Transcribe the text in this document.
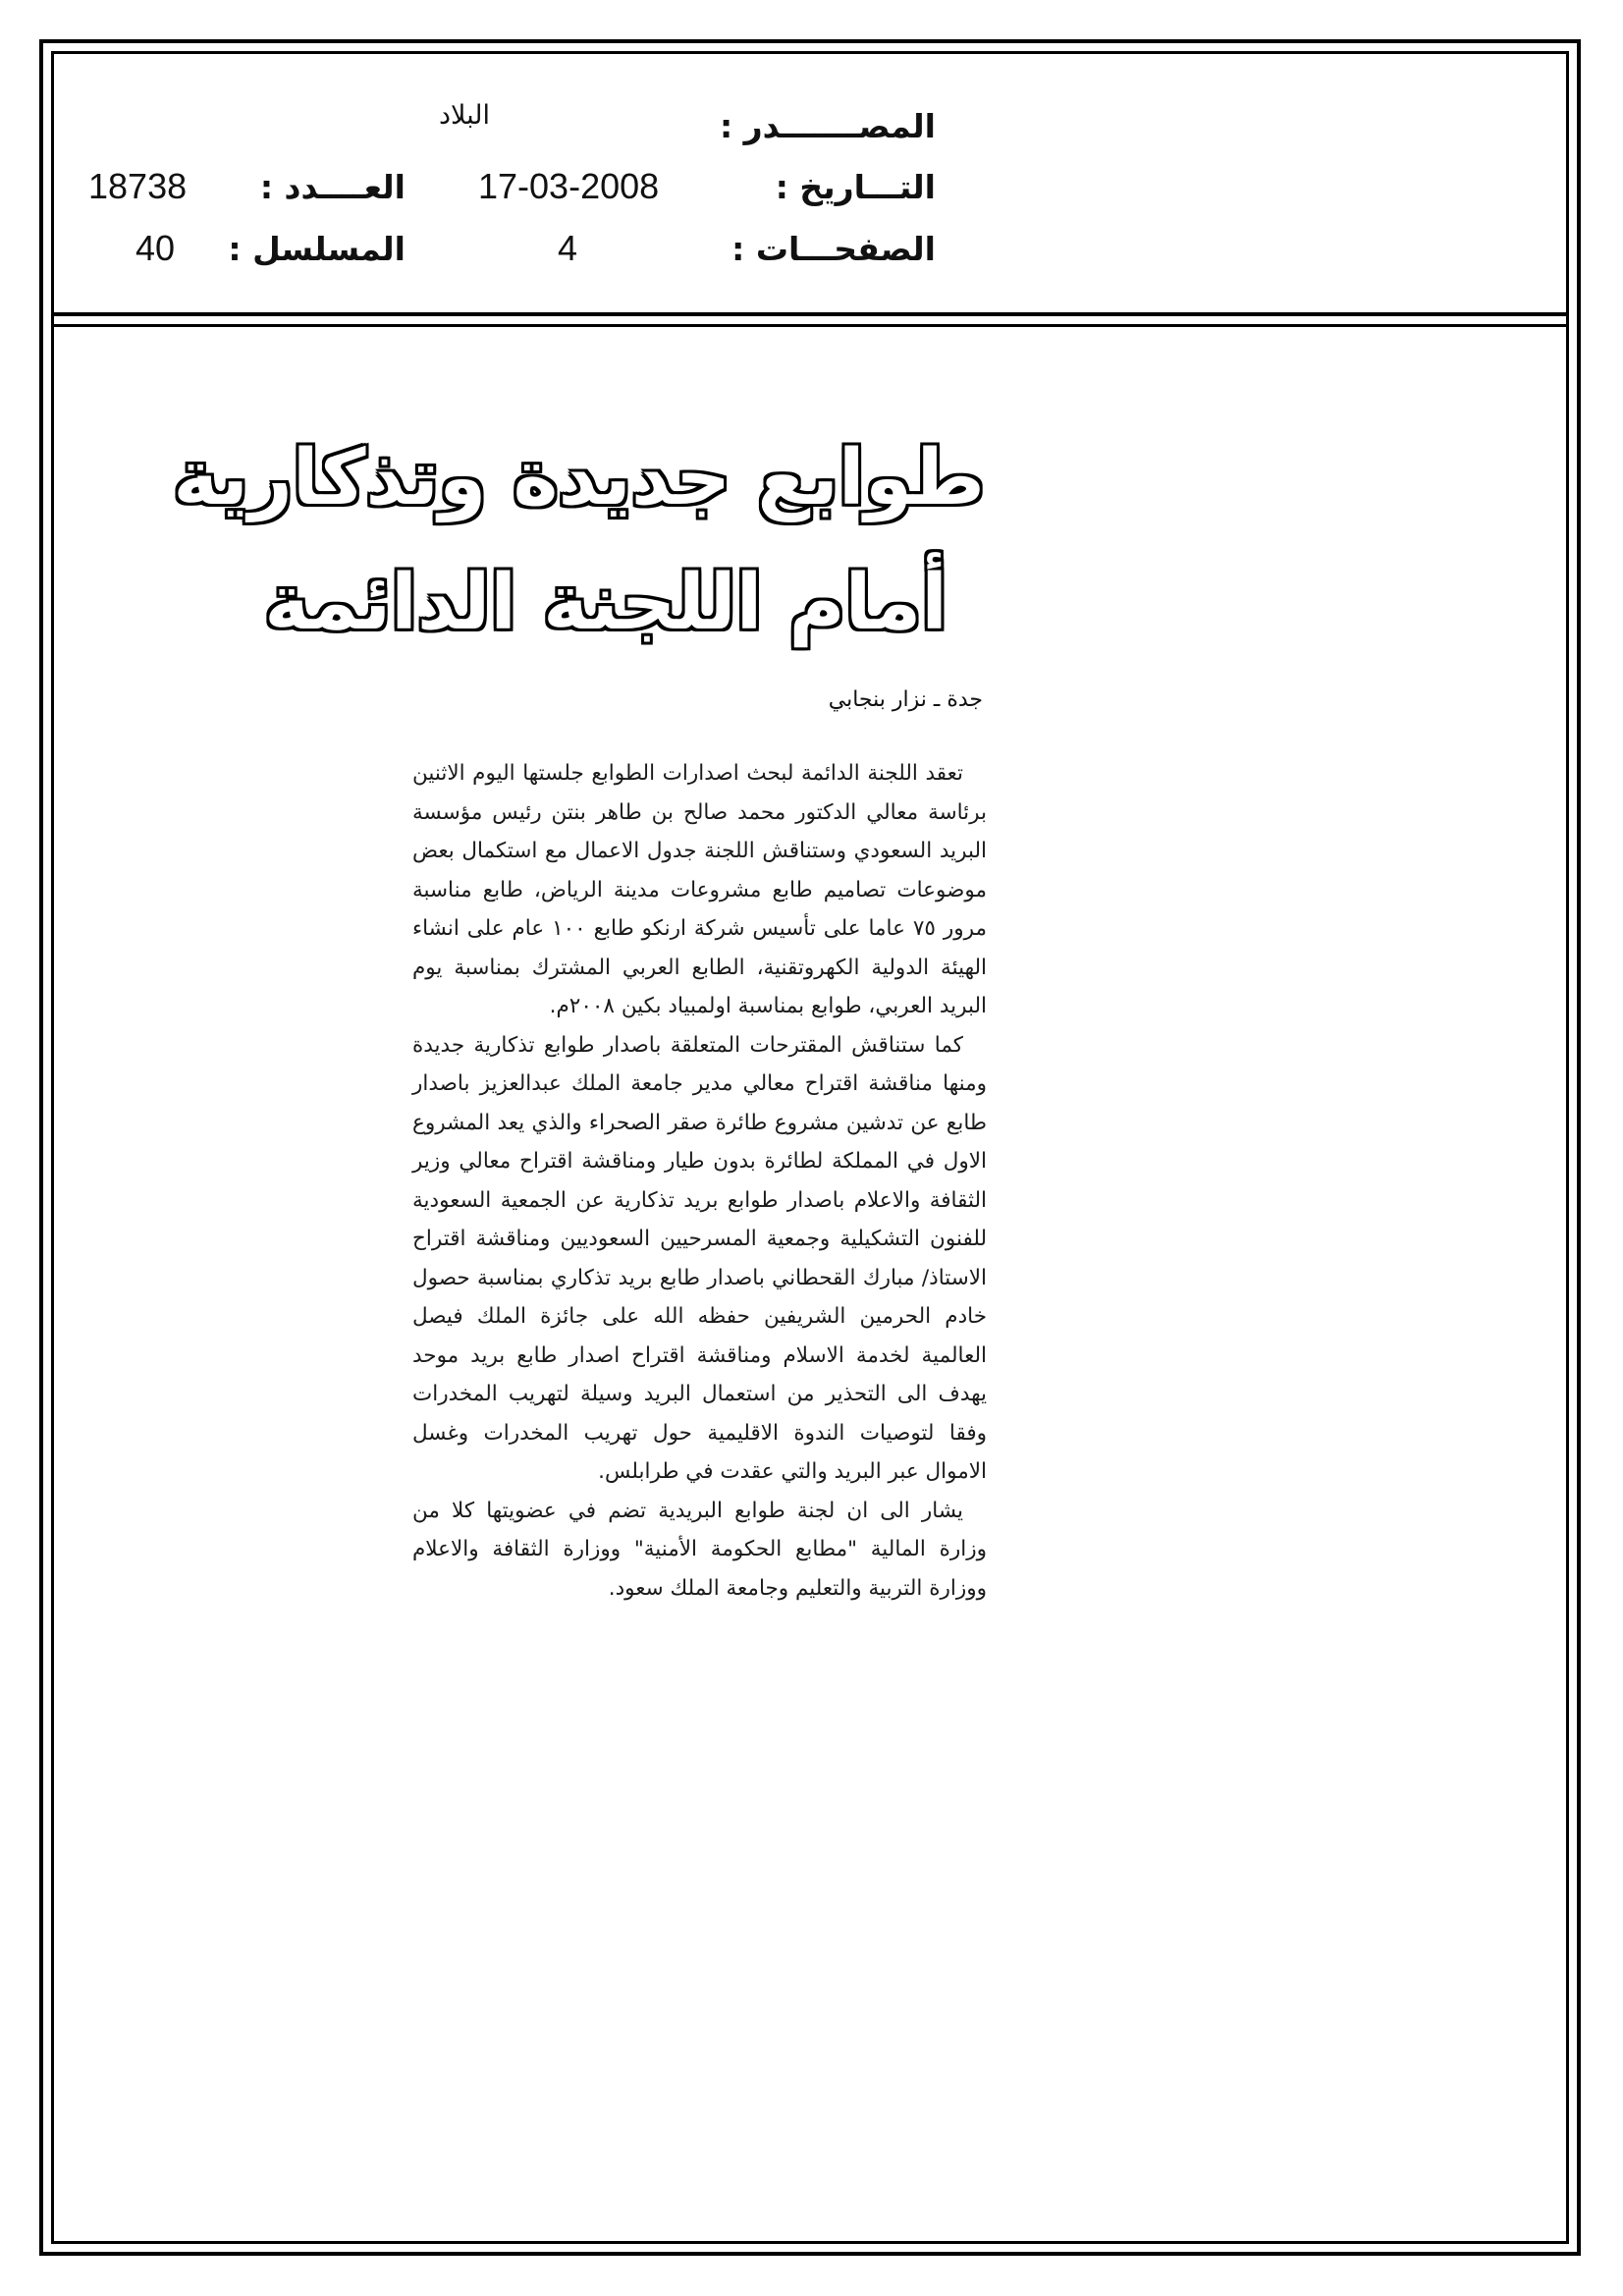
المصـــــــدر :
البلاد
التـــاريخ :
17-03-2008
العــــدد :
18738
الصفحـــات :
4
المسلسل :
40
طوابع جديدة وتذكارية
أمام اللجنة الدائمة
جدة ـ نزار بنجابي

تعقد اللجنة الدائمة لبحث اصدارات الطوابع جلستها اليوم الاثنين برئاسة معالي الدكتور محمد صالح بن طاهر بنتن رئيس مؤسسة البريد السعودي وستناقش اللجنة جدول الاعمال مع استكمال بعض موضوعات تصاميم طابع مشروعات مدينة الرياض، طابع مناسبة مرور ٧٥ عاما على تأسيس شركة ارنكو طابع ١٠٠ عام على انشاء الهيئة الدولية الكهروتقنية، الطابع العربي المشترك بمناسبة يوم البريد العربي، طوابع بمناسبة اولمبياد بكين ٢٠٠٨م.

كما ستناقش المقترحات المتعلقة باصدار طوابع تذكارية جديدة ومنها مناقشة اقتراح معالي مدير جامعة الملك عبدالعزيز باصدار طابع عن تدشين مشروع طائرة صقر الصحراء والذي يعد المشروع الاول في المملكة لطائرة بدون طيار ومناقشة اقتراح معالي وزير الثقافة والاعلام باصدار طوابع بريد تذكارية عن الجمعية السعودية للفنون التشكيلية وجمعية المسرحيين السعوديين ومناقشة اقتراح الاستاذ/ مبارك القحطاني باصدار طابع بريد تذكاري بمناسبة حصول خادم الحرمين الشريفين حفظه الله على جائزة الملك فيصل العالمية لخدمة الاسلام ومناقشة اقتراح اصدار طابع بريد موحد يهدف الى التحذير من استعمال البريد وسيلة لتهريب المخدرات وفقا لتوصيات الندوة الاقليمية حول تهريب المخدرات وغسل الاموال عبر البريد والتي عقدت في طرابلس.

يشار الى ان لجنة طوابع البريدية تضم في عضويتها كلا من وزارة المالية "مطابع الحكومة الأمنية" ووزارة الثقافة والاعلام ووزارة التربية والتعليم وجامعة الملك سعود.
